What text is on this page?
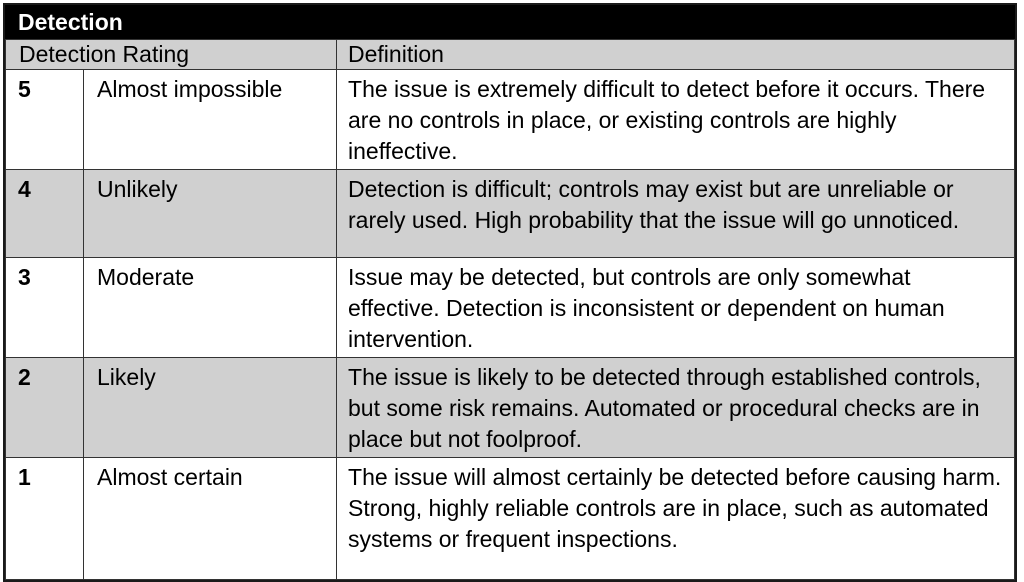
Detection
Detection Rating		Definition
5	Almost impossible	The issue is extremely difficult to detect before it occurs. There are no controls in place, or existing controls are highly ineffective.
4	Unlikely	Detection is difficult; controls may exist but are unreliable or rarely used. High probability that the issue will go unnoticed.
3	Moderate	Issue may be detected, but controls are only somewhat effective. Detection is inconsistent or dependent on human intervention.
2	Likely	The issue is likely to be detected through established controls, but some risk remains. Automated or procedural checks are in place but not foolproof.
1	Almost certain	The issue will almost certainly be detected before causing harm. Strong, highly reliable controls are in place, such as automated systems or frequent inspections.
